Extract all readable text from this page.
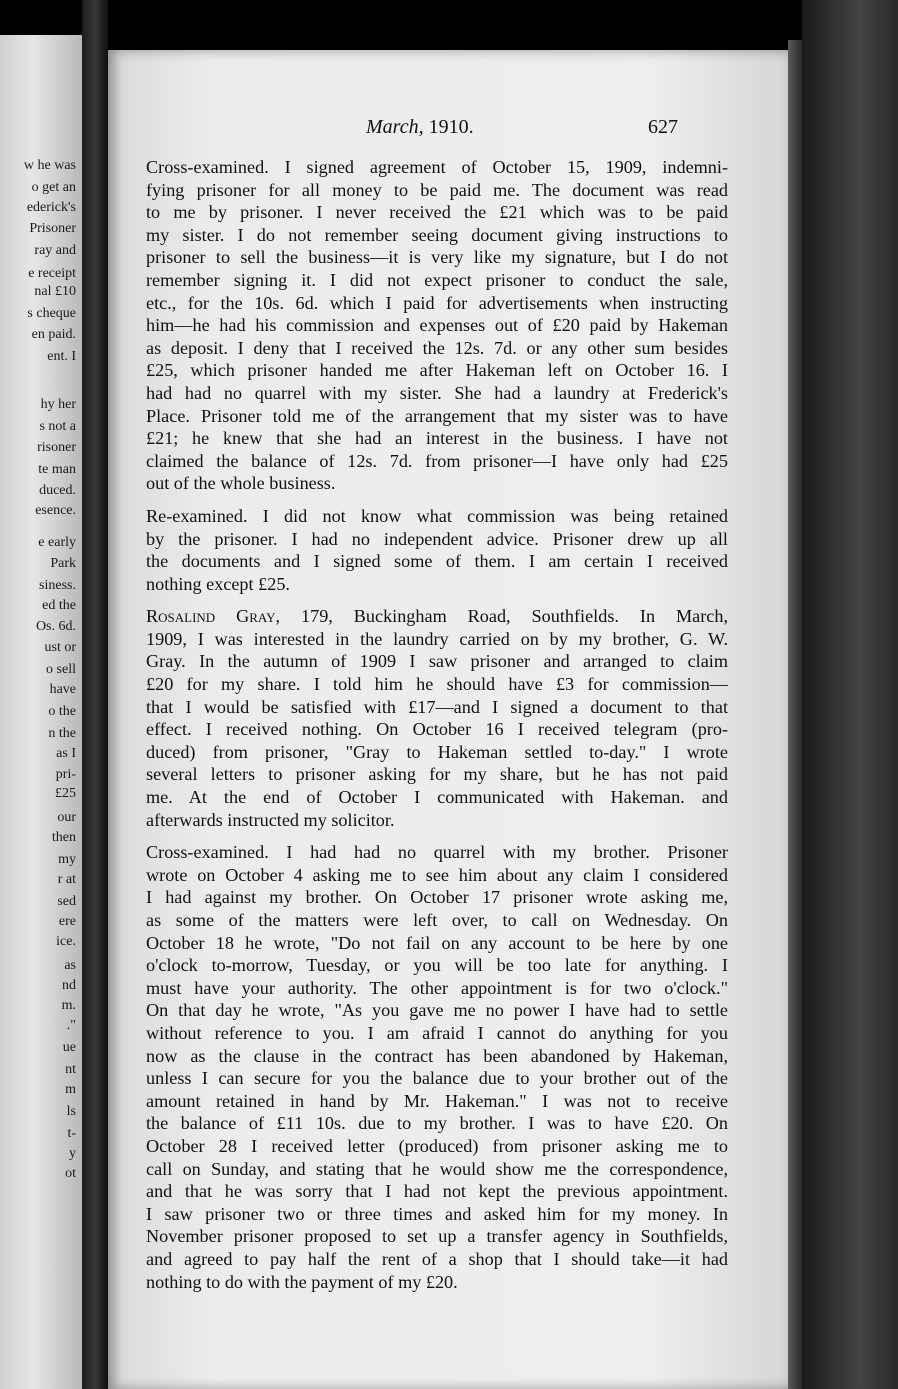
w he was
o get an
ederick's
Prisoner
ray and
e receipt
nal £10
s cheque
en paid.
ent. I
hy her
s not a
risoner
te man
duced.
esence.
e early
Park
siness.
ed the
Os. 6d.
ust or
o sell
have
o the
n the
as I
pri-
£25
our
then
my
r at
sed
ere
ice.
as
nd
m.
."
ue
nt
m
ls
t-
y
ot
March, 1910.	627
Cross-examined. I signed agreement of October 15, 1909, indemni-
fying prisoner for all money to be paid me. The document was read
to me by prisoner. I never received the £21 which was to be paid
my sister. I do not remember seeing document giving instructions to
prisoner to sell the business—it is very like my signature, but I do not
remember signing it. I did not expect prisoner to conduct the sale,
etc., for the 10s. 6d. which I paid for advertisements when instructing
him—he had his commission and expenses out of £20 paid by Hakeman
as deposit. I deny that I received the 12s. 7d. or any other sum besides
£25, which prisoner handed me after Hakeman left on October 16. I
had had no quarrel with my sister. She had a laundry at Frederick's
Place. Prisoner told me of the arrangement that my sister was to have
£21; he knew that she had an interest in the business. I have not
claimed the balance of 12s. 7d. from prisoner—I have only had £25
out of the whole business.
Re-examined. I did not know what commission was being retained
by the prisoner. I had no independent advice. Prisoner drew up all
the documents and I signed some of them. I am certain I received
nothing except £25.
Rosalind Gray, 179, Buckingham Road, Southfields. In March,
1909, I was interested in the laundry carried on by my brother, G. W.
Gray. In the autumn of 1909 I saw prisoner and arranged to claim
£20 for my share. I told him he should have £3 for commission—
that I would be satisfied with £17—and I signed a document to that
effect. I received nothing. On October 16 I received telegram (pro-
duced) from prisoner, "Gray to Hakeman settled to-day." I wrote
several letters to prisoner asking for my share, but he has not paid
me. At the end of October I communicated with Hakeman. and
afterwards instructed my solicitor.
Cross-examined. I had had no quarrel with my brother. Prisoner
wrote on October 4 asking me to see him about any claim I considered
I had against my brother. On October 17 prisoner wrote asking me,
as some of the matters were left over, to call on Wednesday. On
October 18 he wrote, "Do not fail on any account to be here by one
o'clock to-morrow, Tuesday, or you will be too late for anything. I
must have your authority. The other appointment is for two o'clock."
On that day he wrote, "As you gave me no power I have had to settle
without reference to you. I am afraid I cannot do anything for you
now as the clause in the contract has been abandoned by Hakeman,
unless I can secure for you the balance due to your brother out of the
amount retained in hand by Mr. Hakeman." I was not to receive
the balance of £11 10s. due to my brother. I was to have £20. On
October 28 I received letter (produced) from prisoner asking me to
call on Sunday, and stating that he would show me the correspondence,
and that he was sorry that I had not kept the previous appointment.
I saw prisoner two or three times and asked him for my money. In
November prisoner proposed to set up a transfer agency in Southfields,
and agreed to pay half the rent of a shop that I should take—it had
nothing to do with the payment of my £20.
